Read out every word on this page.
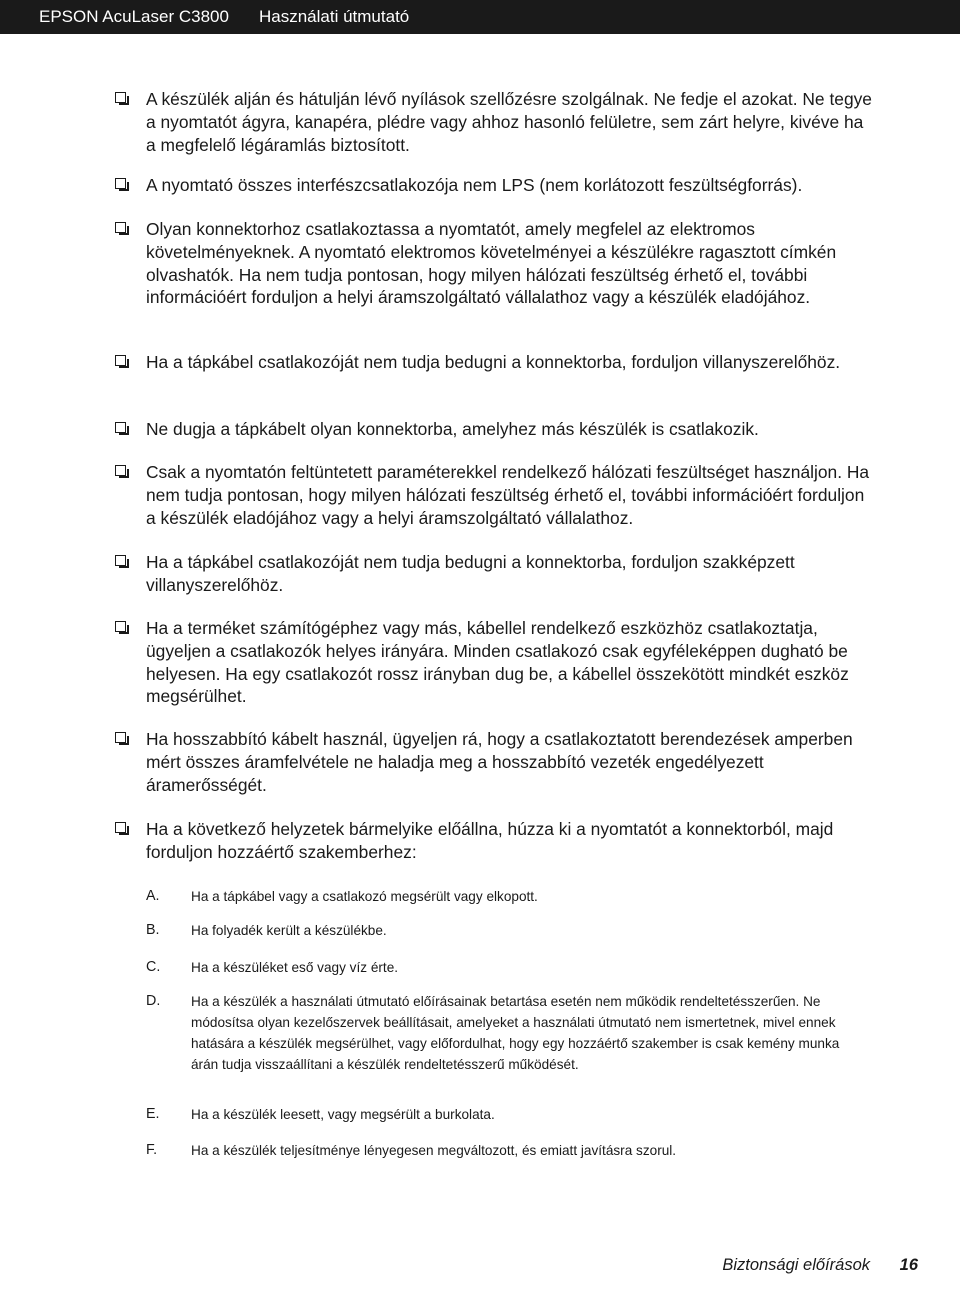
EPSON AcuLaser C3800 Használati útmutató

A készülék alján és hátulján lévő nyílások szellőzésre szolgálnak. Ne fedje el azokat. Ne tegye a nyomtatót ágyra, kanapéra, plédre vagy ahhoz hasonló felületre, sem zárt helyre, kivéve ha a megfelelő légáramlás biztosított.

A nyomtató összes interfészcsatlakozója nem LPS (nem korlátozott feszültségforrás).

Olyan konnektorhoz csatlakoztassa a nyomtatót, amely megfelel az elektromos követelményeknek. A nyomtató elektromos követelményei a készülékre ragasztott címkén olvashatók. Ha nem tudja pontosan, hogy milyen hálózati feszültség érhető el, további információért forduljon a helyi áramszolgáltató vállalathoz vagy a készülék eladójához.

Ha a tápkábel csatlakozóját nem tudja bedugni a konnektorba, forduljon villanyszerelőhöz.

Ne dugja a tápkábelt olyan konnektorba, amelyhez más készülék is csatlakozik.

Csak a nyomtatón feltüntetett paraméterekkel rendelkező hálózati feszültséget használjon. Ha nem tudja pontosan, hogy milyen hálózati feszültség érhető el, további információért forduljon a készülék eladójához vagy a helyi áramszolgáltató vállalathoz.

Ha a tápkábel csatlakozóját nem tudja bedugni a konnektorba, forduljon szakképzett villanyszerelőhöz.

Ha a terméket számítógéphez vagy más, kábellel rendelkező eszközhöz csatlakoztatja, ügyeljen a csatlakozók helyes irányára. Minden csatlakozó csak egyféleképpen dugható be helyesen. Ha egy csatlakozót rossz irányban dug be, a kábellel összekötött mindkét eszköz megsérülhet.

Ha hosszabbító kábelt használ, ügyeljen rá, hogy a csatlakoztatott berendezések amperben mért összes áramfelvétele ne haladja meg a hosszabbító vezeték engedélyezett áramerősségét.

Ha a következő helyzetek bármelyike előállna, húzza ki a nyomtatót a konnektorból, majd forduljon hozzáértő szakemberhez:

A. Ha a tápkábel vagy a csatlakozó megsérült vagy elkopott.

B. Ha folyadék került a készülékbe.

C. Ha a készüléket eső vagy víz érte.

D. Ha a készülék a használati útmutató előírásainak betartása esetén nem működik rendeltetésszerűen. Ne módosítsa olyan kezelőszervek beállításait, amelyeket a használati útmutató nem ismertetnek, mivel ennek hatására a készülék megsérülhet, vagy előfordulhat, hogy egy hozzáértő szakember is csak kemény munka árán tudja visszaállítani a készülék rendeltetésszerű működését.

E. Ha a készülék leesett, vagy megsérült a burkolata.

F. Ha a készülék teljesítménye lényegesen megváltozott, és emiatt javításra szorul.

Biztonsági előírások 16
